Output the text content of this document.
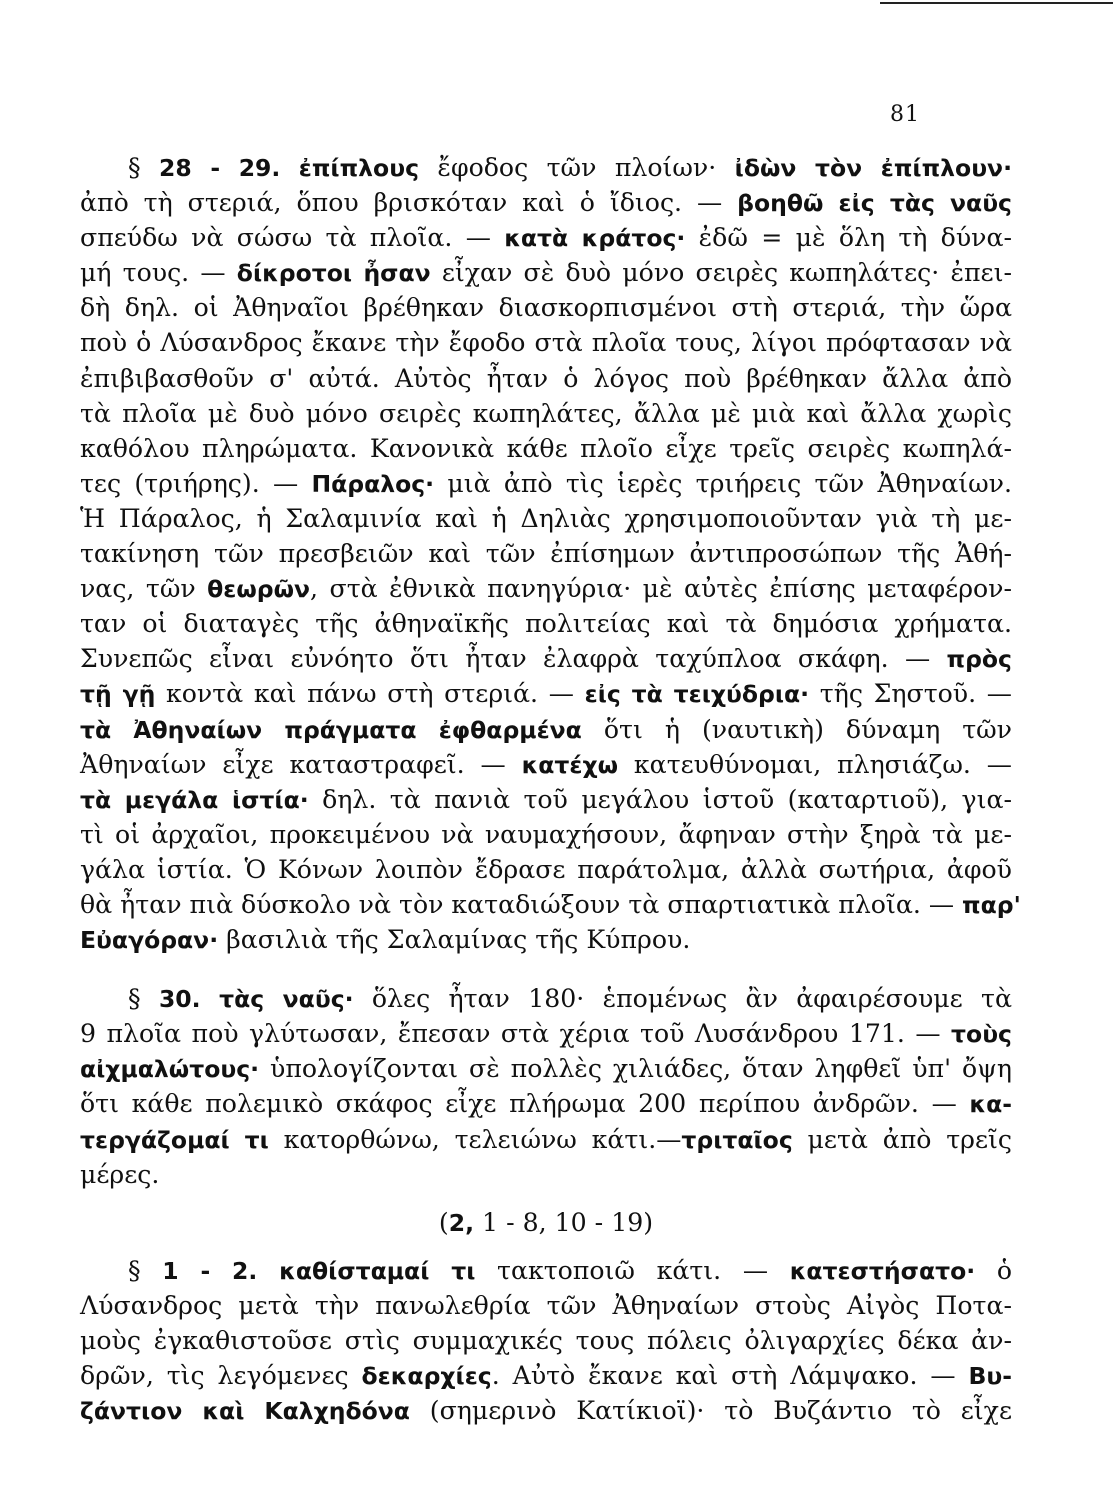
81
§ 28 - 29. ἐπίπλους ἔφοδος τῶν πλοίων· ἰδὼν τὸν ἐπίπλουν·
ἀπὸ τὴ στεριά, ὅπου βρισκόταν καὶ ὁ ἴδιος. — βοηθῶ εἰς τὰς ναῦς
σπεύδω νὰ σώσω τὰ πλοῖα. — κατὰ κράτος· ἐδῶ = μὲ ὅλη τὴ δύνα-
μή τους. — δίκροτοι ἦσαν εἶχαν σὲ δυὸ μόνο σειρὲς κωπηλάτες· ἐπει-
δὴ δηλ. οἱ Ἀθηναῖοι βρέθηκαν διασκορπισμένοι στὴ στεριά, τὴν ὥρα
ποὺ ὁ Λύσανδρος ἔκανε τὴν ἔφοδο στὰ πλοῖα τους, λίγοι πρόφτασαν νὰ
ἐπιβιβασθοῦν σ' αὐτά. Αὐτὸς ἦταν ὁ λόγος ποὺ βρέθηκαν ἄλλα ἀπὸ
τὰ πλοῖα μὲ δυὸ μόνο σειρὲς κωπηλάτες, ἄλλα μὲ μιὰ καὶ ἄλλα χωρὶς
καθόλου πληρώματα. Κανονικὰ κάθε πλοῖο εἶχε τρεῖς σειρὲς κωπηλά-
τες (τριήρης). — Πάραλος· μιὰ ἀπὸ τὶς ἱερὲς τριήρεις τῶν Ἀθηναίων.
Ἡ Πάραλος, ἡ Σαλαμινία καὶ ἡ Δηλιὰς χρησιμοποιοῦνταν γιὰ τὴ με-
τακίνηση τῶν πρεσβειῶν καὶ τῶν ἐπίσημων ἀντιπροσώπων τῆς Ἀθή-
νας, τῶν θεωρῶν, στὰ ἐθνικὰ πανηγύρια· μὲ αὐτὲς ἐπίσης μεταφέρον-
ταν οἱ διαταγὲς τῆς ἀθηναϊκῆς πολιτείας καὶ τὰ δημόσια χρήματα.
Συνεπῶς εἶναι εὐνόητο ὅτι ἦταν ἐλαφρὰ ταχύπλοα σκάφη. — πρὸς
τῇ γῇ κοντὰ καὶ πάνω στὴ στεριά. — εἰς τὰ τειχύδρια· τῆς Σηστοῦ. —
τὰ Ἀθηναίων πράγματα ἐφθαρμένα ὅτι ἡ (ναυτικὴ) δύναμη τῶν
Ἀθηναίων εἶχε καταστραφεῖ. — κατέχω κατευθύνομαι, πλησιάζω. —
τὰ μεγάλα ἱστία· δηλ. τὰ πανιὰ τοῦ μεγάλου ἱστοῦ (καταρτιοῦ), για-
τὶ οἱ ἀρχαῖοι, προκειμένου νὰ ναυμαχήσουν, ἄφηναν στὴν ξηρὰ τὰ με-
γάλα ἱστία. Ὁ Κόνων λοιπὸν ἔδρασε παράτολμα, ἀλλὰ σωτήρια, ἀφοῦ
θὰ ἦταν πιὰ δύσκολο νὰ τὸν καταδιώξουν τὰ σπαρτιατικὰ πλοῖα. — παρ'
Εὐαγόραν· βασιλιὰ τῆς Σαλαμίνας τῆς Κύπρου.
§ 30. τὰς ναῦς· ὅλες ἦταν 180· ἑπομένως ἂν ἀφαιρέσουμε τὰ
9 πλοῖα ποὺ γλύτωσαν, ἔπεσαν στὰ χέρια τοῦ Λυσάνδρου 171. — τοὺς
αἰχμαλώτους· ὑπολογίζονται σὲ πολλὲς χιλιάδες, ὅταν ληφθεῖ ὑπ' ὄψη
ὅτι κάθε πολεμικὸ σκάφος εἶχε πλήρωμα 200 περίπου ἀνδρῶν. — κα-
τεργάζομαί τι κατορθώνω, τελειώνω κάτι.—τριταῖος μετὰ ἀπὸ τρεῖς
μέρες.
(2, 1 - 8, 10 - 19)
§ 1 - 2. καθίσταμαί τι τακτοποιῶ κάτι. — κατεστήσατο· ὁ
Λύσανδρος μετὰ τὴν πανωλεθρία τῶν Ἀθηναίων στοὺς Αἰγὸς Ποτα-
μοὺς ἐγκαθιστοῦσε στὶς συμμαχικές τους πόλεις ὀλιγαρχίες δέκα ἀν-
δρῶν, τὶς λεγόμενες δεκαρχίες. Αὐτὸ ἔκανε καὶ στὴ Λάμψακο. — Βυ-
ζάντιον καὶ Καλχηδόνα (σημερινὸ Κατίκιοϊ)· τὸ Βυζάντιο τὸ εἶχε
